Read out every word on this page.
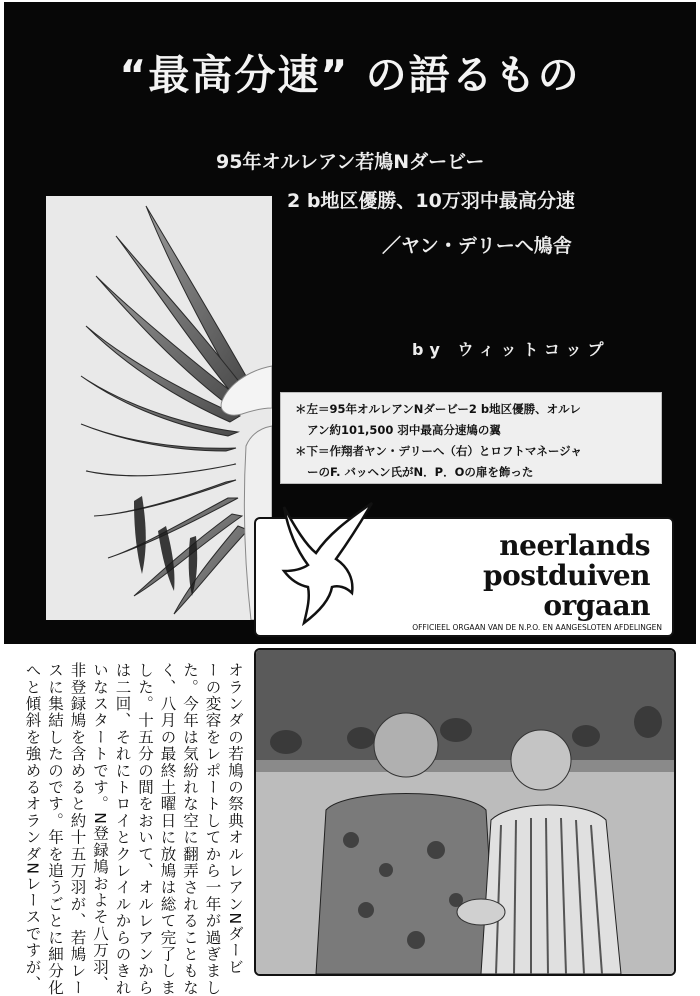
“最高分速” の語るもの
95年オルレアン若鳩Nダービー
2 b地区優勝、10万羽中最高分速
／ヤン・デリーへ鳩舎
by ウィットコップ
＊左＝95年オルレアンNダービー2 b地区優勝、オルレ
アン約101,500 羽中最高分速鳩の翼
＊下＝作翔者ヤン・デリーへ（右）とロフトマネージャ
ーのF. バッヘン氏がN．P．Oの扉を飾った
neerlands
postduiven
orgaan
OFFICIEEL ORGAAN VAN DE N.P.O. EN AANGESLOTEN AFDELINGEN
オランダの若鳩の祭典オルレアンNダービ
ーの変容をレポートしてから一年が過ぎまし
た。今年は気紛れな空に翻弄されることもな
く、八月の最終土曜日に放鳩は総て完了しま
した。十五分の間をおいて、オルレアンから
は二回、それにトロイとクレイルからのきれ
いなスタートです。N登録鳩およそ八万羽、
非登録鳩を含めると約十五万羽が、若鳩レー
スに集結したのです。年を追うごとに細分化
へと傾斜を強めるオランダNレースですが、
